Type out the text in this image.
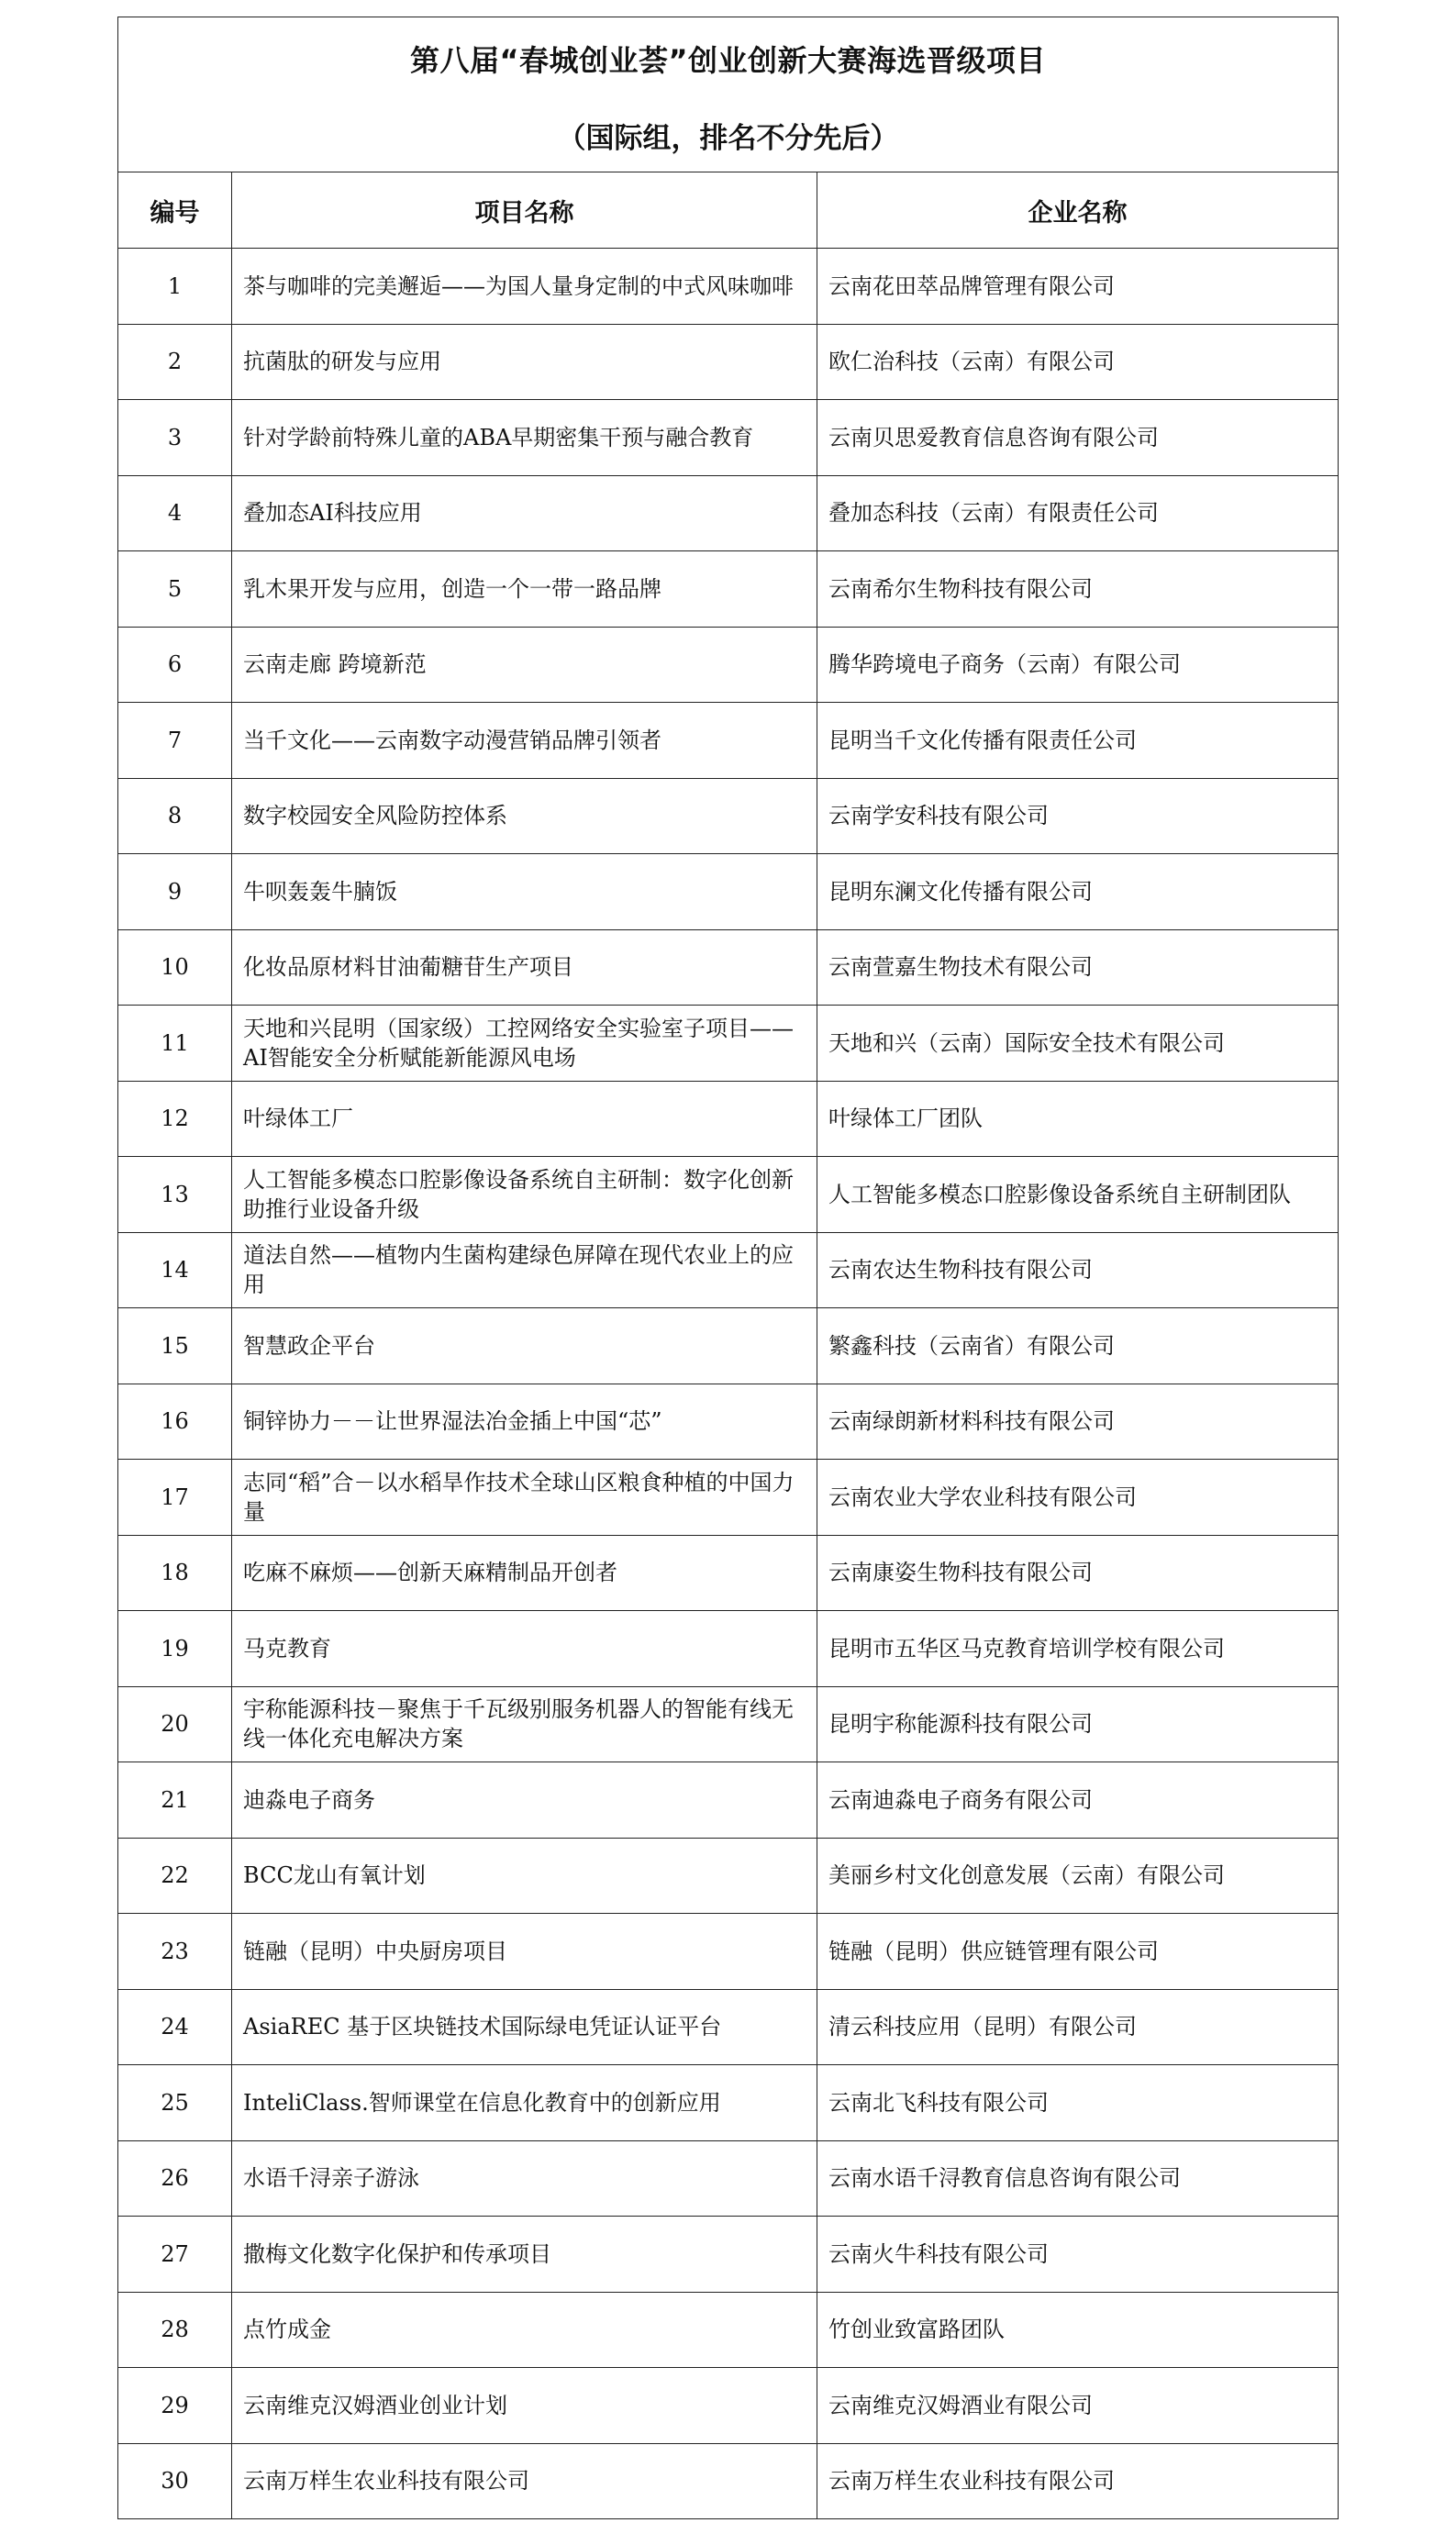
第八届“春城创业荟”创业创新大赛海选晋级项目
（国际组，排名不分先后）		

编号	项目名称	企业名称
1	茶与咖啡的完美邂逅——为国人量身定制的中式风味咖啡	云南花田萃品牌管理有限公司
2	抗菌肽的研发与应用	欧仁治科技（云南）有限公司
3	针对学龄前特殊儿童的ABA早期密集干预与融合教育	云南贝思爱教育信息咨询有限公司
4	叠加态AI科技应用	叠加态科技（云南）有限责任公司
5	乳木果开发与应用，创造一个一带一路品牌	云南希尔生物科技有限公司
6	云南走廊 跨境新范	腾华跨境电子商务（云南）有限公司
7	当千文化——云南数字动漫营销品牌引领者	昆明当千文化传播有限责任公司
8	数字校园安全风险防控体系	云南学安科技有限公司
9	牛呗轰轰牛腩饭	昆明东澜文化传播有限公司
10	化妆品原材料甘油葡糖苷生产项目	云南萱嘉生物技术有限公司
11	天地和兴昆明（国家级）工控网络安全实验室子项目——AI智能安全分析赋能新能源风电场	天地和兴（云南）国际安全技术有限公司
12	叶绿体工厂	叶绿体工厂团队
13	人工智能多模态口腔影像设备系统自主研制：数字化创新助推行业设备升级	人工智能多模态口腔影像设备系统自主研制团队
14	道法自然——植物内生菌构建绿色屏障在现代农业上的应用	云南农达生物科技有限公司
15	智慧政企平台	繁鑫科技（云南省）有限公司
16	铜锌协力－－让世界湿法冶金插上中国“芯”	云南绿朗新材料科技有限公司
17	志同“稻”合－以水稻旱作技术全球山区粮食种植的中国力量	云南农业大学农业科技有限公司
18	吃麻不麻烦——创新天麻精制品开创者	云南康姿生物科技有限公司
19	马克教育	昆明市五华区马克教育培训学校有限公司
20	宇称能源科技－聚焦于千瓦级别服务机器人的智能有线无线一体化充电解决方案	昆明宇称能源科技有限公司
21	迪淼电子商务	云南迪淼电子商务有限公司
22	BCC龙山有氧计划	美丽乡村文化创意发展（云南）有限公司
23	链融（昆明）中央厨房项目	链融（昆明）供应链管理有限公司
24	AsiaREC 基于区块链技术国际绿电凭证认证平台	清云科技应用（昆明）有限公司
25	InteliClass.智师课堂在信息化教育中的创新应用	云南北飞科技有限公司
26	水语千浔亲子游泳	云南水语千浔教育信息咨询有限公司
27	撒梅文化数字化保护和传承项目	云南火牛科技有限公司
28	点竹成金	竹创业致富路团队
29	云南维克汉姆酒业创业计划	云南维克汉姆酒业有限公司
30	云南万样生农业科技有限公司	云南万样生农业科技有限公司
